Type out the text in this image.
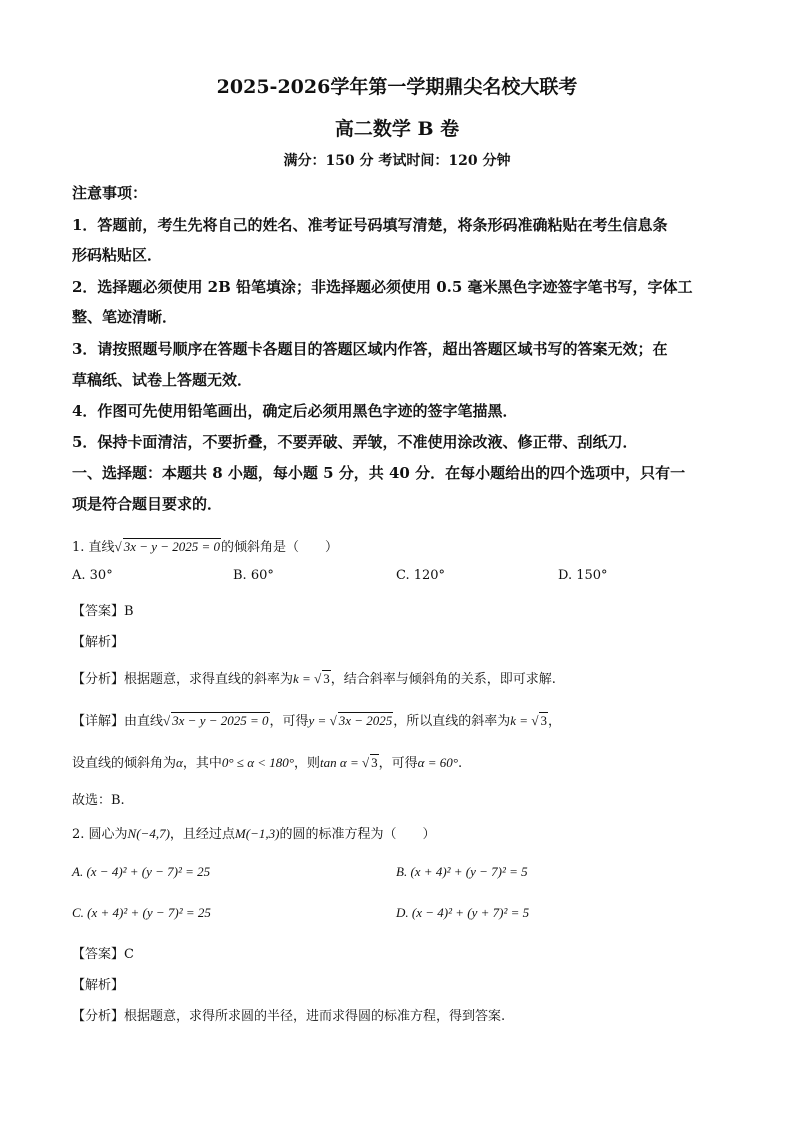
2025-2026学年第一学期鼎尖名校大联考
高二数学 B 卷
满分：150 分 考试时间：120 分钟
注意事项：
1．答题前，考生先将自己的姓名、准考证号码填写清楚，将条形码准确粘贴在考生信息条
形码粘贴区．
2．选择题必须使用 2B 铅笔填涂；非选择题必须使用 0.5 毫米黑色字迹签字笔书写，字体工
整、笔迹清晰．
3．请按照题号顺序在答题卡各题目的答题区域内作答，超出答题区域书写的答案无效；在
草稿纸、试卷上答题无效．
4．作图可先使用铅笔画出，确定后必须用黑色字迹的签字笔描黑．
5．保持卡面清洁，不要折叠，不要弄破、弄皱，不准使用涂改液、修正带、刮纸刀．
一、选择题：本题共 8 小题，每小题 5 分，共 40 分．在每小题给出的四个选项中，只有一
项是符合题目要求的．
1. 直线√ 3x − y − 2025 = 0的倾斜角是（　　）
A. 30°	B. 60°	C. 120°	D. 150°
【答案】B
【解析】
【分析】根据题意，求得直线的斜率为k = √ 3，结合斜率与倾斜角的关系，即可求解.
【详解】由直线√ 3x − y − 2025 = 0，可得y = √ 3x − 2025，所以直线的斜率为k = √ 3，
设直线的倾斜角为α，其中0° ≤ α < 180°，则tan α = √ 3，可得α = 60°.
故选：B.
2. 圆心为N(−4,7)，且经过点M(−1,3)的圆的标准方程为（　　）
A. (x − 4)² + (y − 7)² = 25	B. (x + 4)² + (y − 7)² = 5
C. (x + 4)² + (y − 7)² = 25	D. (x − 4)² + (y + 7)² = 5
【答案】C
【解析】
【分析】根据题意，求得所求圆的半径，进而求得圆的标准方程，得到答案.
